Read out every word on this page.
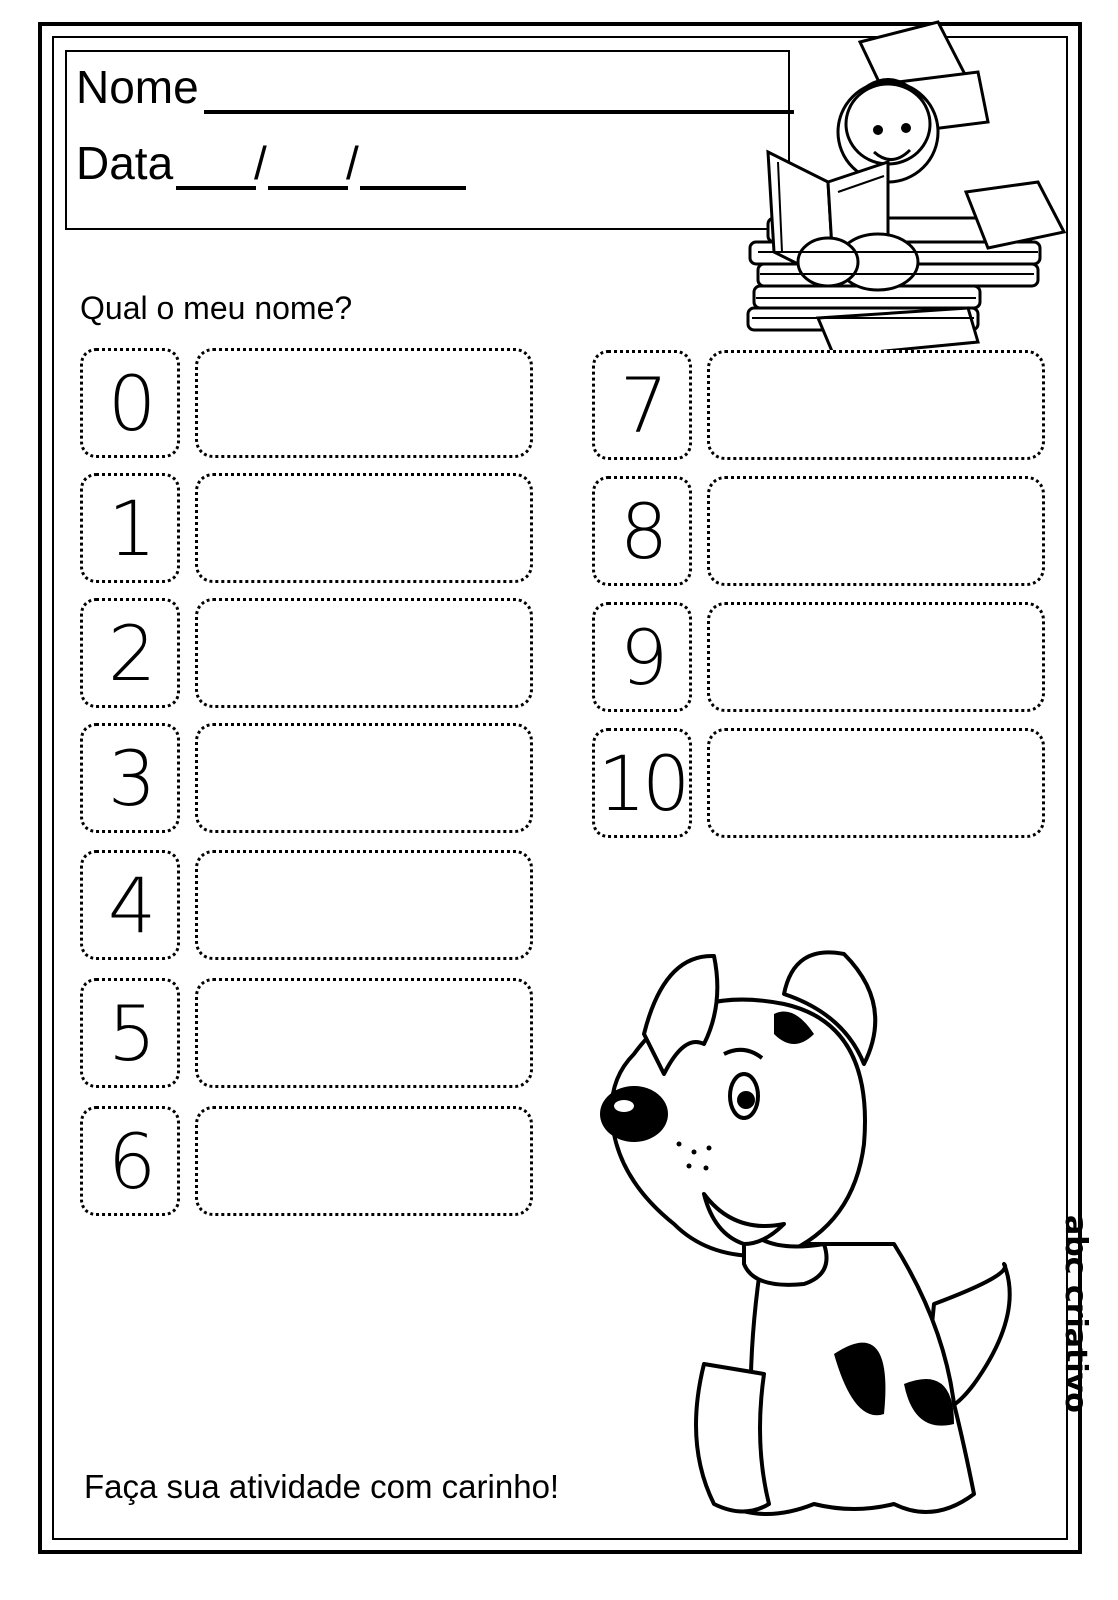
Nome
Data / /
Qual o meu nome?
0
1
2
3
4
5
6
7
8
9
10
abc criativo
Faça sua atividade com carinho!
